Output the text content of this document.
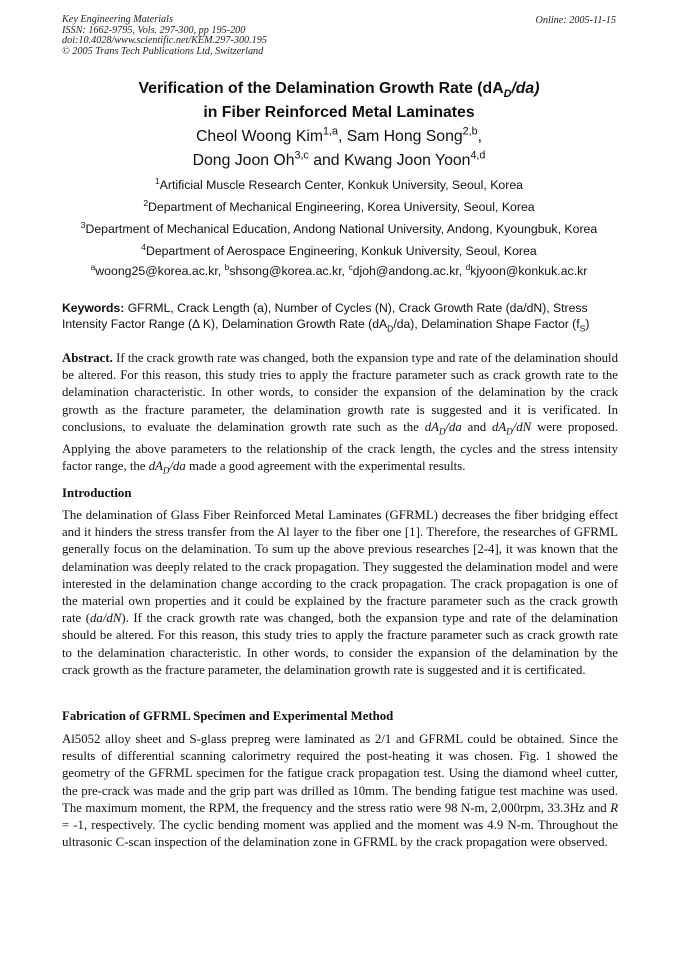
Key Engineering Materials
ISSN: 1662-9795, Vols. 297-300, pp 195-200
doi:10.4028/www.scientific.net/KEM.297-300.195
© 2005 Trans Tech Publications Ltd, Switzerland
Online: 2005-11-15
Verification of the Delamination Growth Rate $(dA_D/da)$
in Fiber Reinforced Metal Laminates
Cheol Woong Kim$^{1,a}$, Sam Hong Song$^{2,b}$,
Dong Joon Oh$^{3,c}$ and Kwang Joon Yoon$^{4,d}$
$^1$Artificial Muscle Research Center, Konkuk University, Seoul, Korea
$^2$Department of Mechanical Engineering, Korea University, Seoul, Korea
$^3$Department of Mechanical Education, Andong National University, Andong, Kyoungbuk, Korea
$^4$Department of Aerospace Engineering, Konkuk University, Seoul, Korea
$^a$woong25@korea.ac.kr, $^b$shsong@korea.ac.kr, $^c$djoh@andong.ac.kr, $^d$kjyoon@konkuk.ac.kr
Keywords: GFRML, Crack Length (a), Number of Cycles (N), Crack Growth Rate (da/dN), Stress
Intensity Factor Range (Δ K), Delamination Growth Rate $(dA_D/da)$, Delamination Shape Factor $(f_S)$
Abstract. If the crack growth rate was changed, both the expansion type and rate of the delamination should be altered. For this reason, this study tries to apply the fracture parameter such as crack growth rate to the delamination characteristic. In other words, to consider the expansion of the delamination by the crack growth as the fracture parameter, the delamination growth rate is suggested and it is verificated. In conclusions, to evaluate the delamination growth rate such as the $dA_D/da$ and $dA_D/dN$ were proposed. Applying the above parameters to the relationship of the crack length, the cycles and the stress intensity factor range, the $dA_D/da$ made a good agreement with the experimental results.
Introduction
The delamination of Glass Fiber Reinforced Metal Laminates (GFRML) decreases the fiber bridging effect and it hinders the stress transfer from the Al layer to the fiber one [1]. Therefore, the researches of GFRML generally focus on the delamination. To sum up the above previous researches [2-4], it was known that the delamination was deeply related to the crack propagation. They suggested the delamination model and were interested in the delamination change according to the crack propagation. The crack propagation is one of the material own properties and it could be explained by the fracture parameter such as the crack growth rate (da/dN). If the crack growth rate was changed, both the expansion type and rate of the delamination should be altered. For this reason, this study tries to apply the fracture parameter such as crack growth rate to the delamination characteristic. In other words, to consider the expansion of the delamination by the crack growth as the fracture parameter, the delamination growth rate is suggested and it is certificated.
Fabrication of GFRML Specimen and Experimental Method
Al5052 alloy sheet and S-glass prepreg were laminated as 2/1 and GFRML could be obtained. Since the results of differential scanning calorimetry required the post-heating it was chosen. Fig. 1 showed the geometry of the GFRML specimen for the fatigue crack propagation test. Using the diamond wheel cutter, the pre-crack was made and the grip part was drilled as 10mm. The bending fatigue test machine was used. The maximum moment, the RPM, the frequency and the stress ratio were 98 N-m, 2,000rpm, 33.3Hz and R = -1, respectively. The cyclic bending moment was applied and the moment was 4.9 N-m. Throughout the ultrasonic C-scan inspection of the delamination zone in GFRML by the crack propagation were observed.
